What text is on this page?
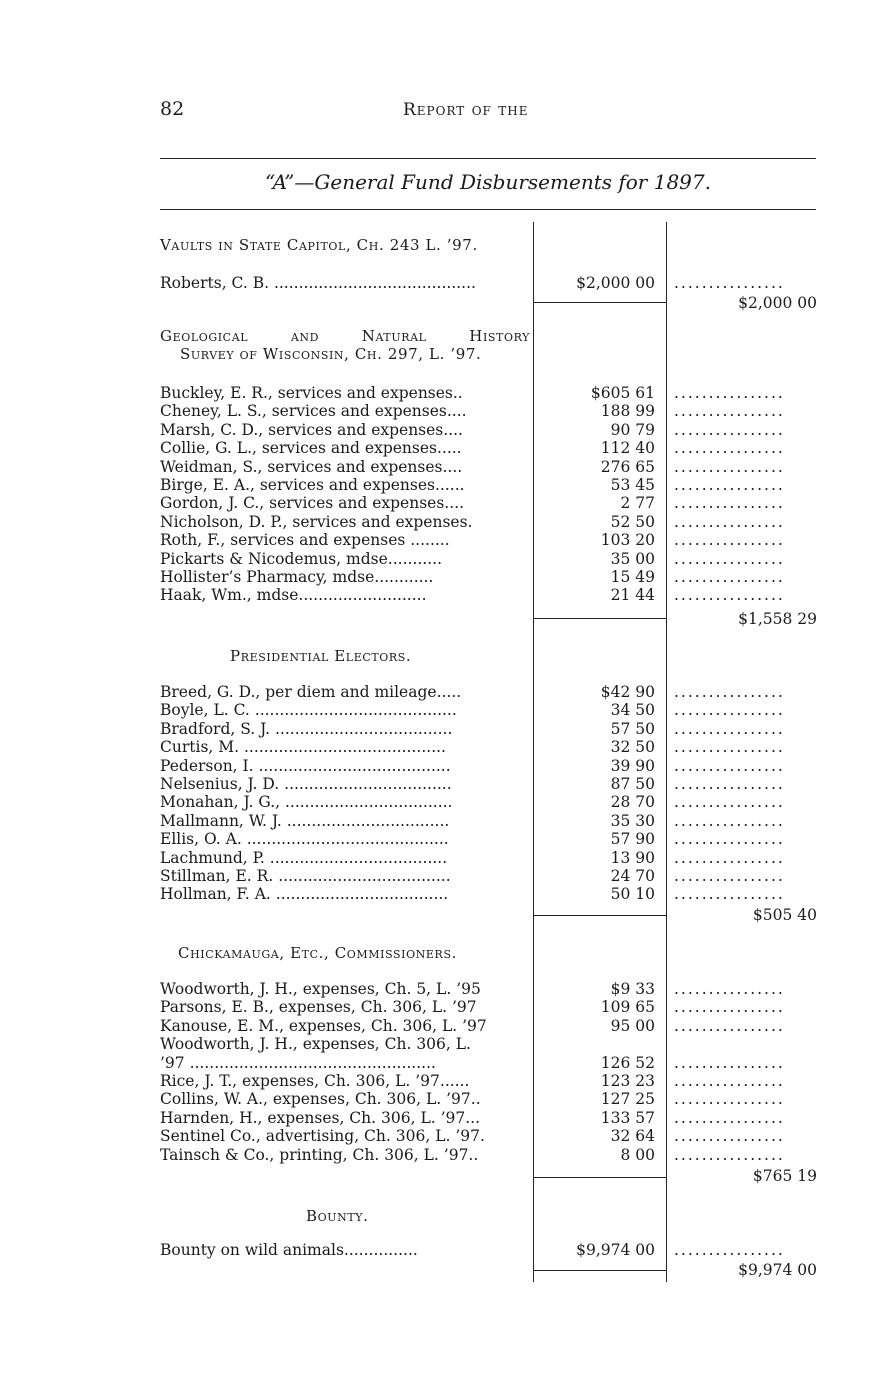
82	Report of the
“A”—General Fund Disbursements for 1897.
Vaults in State Capitol, Ch. 243 L. ’97.
Roberts, C. B. .........................................	$2,000 00 ................
$2,000 00
Geological and Natural History
Survey of Wisconsin, Ch. 297, L. ’97.
Buckley, E. R., services and expenses..	$605 61 ................
Cheney, L. S., services and expenses....	188 99 ................
Marsh, C. D., services and expenses....	90 79 ................
Collie, G. L., services and expenses.....	112 40 ................
Weidman, S., services and expenses....	276 65 ................
Birge, E. A., services and expenses......	53 45 ................
Gordon, J. C., services and expenses....	2 77 ................
Nicholson, D. P., services and expenses.	52 50 ................
Roth, F., services and expenses ........	103 20 ................
Pickarts & Nicodemus, mdse...........	35 00 ................
Hollister’s Pharmacy, mdse............	15 49 ................
Haak, Wm., mdse..........................	21 44 ................
$1,558 29
Presidential Electors.
Breed, G. D., per diem and mileage.....	$42 90 ................
Boyle, L. C. .........................................	34 50 ................
Bradford, S. J. ....................................	57 50 ................
Curtis, M. .........................................	32 50 ................
Pederson, I. .......................................	39 90 ................
Nelsenius, J. D. ..................................	87 50 ................
Monahan, J. G., ..................................	28 70 ................
Mallmann, W. J. .................................	35 30 ................
Ellis, O. A. .........................................	57 90 ................
Lachmund, P. ....................................	13 90 ................
Stillman, E. R. ...................................	24 70 ................
Hollman, F. A. ...................................	50 10 ................
$505 40
Chickamauga, Etc., Commissioners.
Woodworth, J. H., expenses, Ch. 5, L. ’95	$9 33 ................
Parsons, E. B., expenses, Ch. 306, L. ’97	109 65 ................
Kanouse, E. M., expenses, Ch. 306, L. ’97	95 00 ................
Woodworth, J. H., expenses, Ch. 306, L.
’97 ..................................................	126 52 ................
Rice, J. T., expenses, Ch. 306, L. ’97......	123 23 ................
Collins, W. A., expenses, Ch. 306, L. ’97..	127 25 ................
Harnden, H., expenses, Ch. 306, L. ’97...	133 57 ................
Sentinel Co., advertising, Ch. 306, L. ’97.	32 64 ................
Tainsch & Co., printing, Ch. 306, L. ’97..	8 00 ................
$765 19
Bounty.
Bounty on wild animals...............	$9,974 00 ................
$9,974 00
